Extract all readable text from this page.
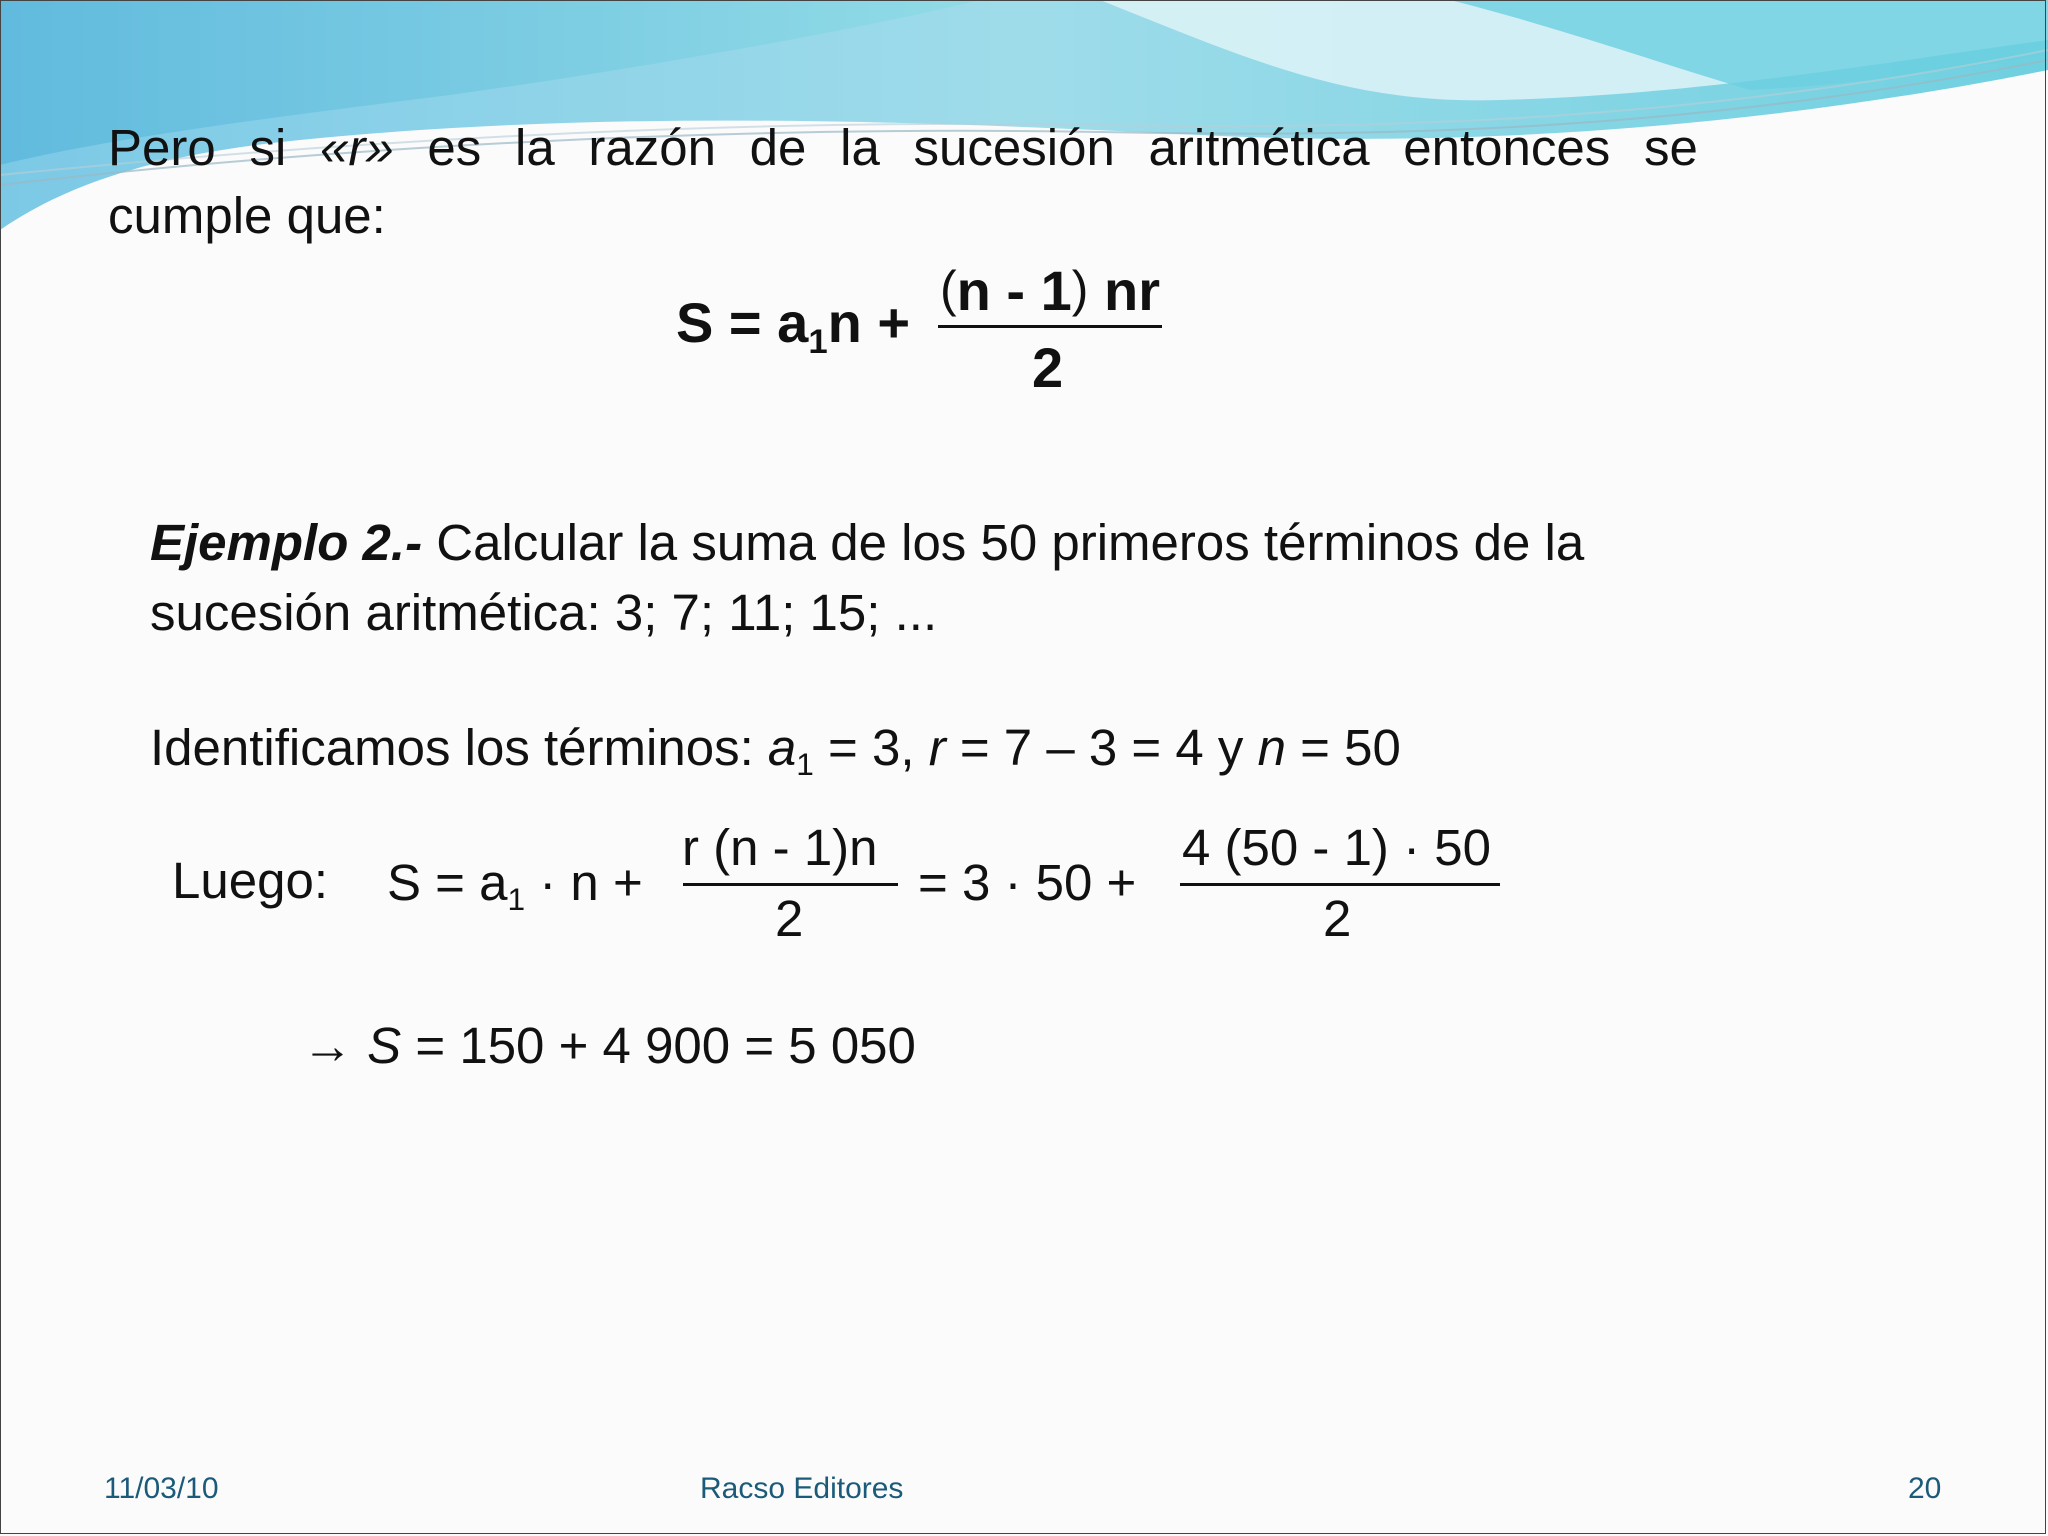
Pero si «r» es la razón de la sucesión aritmética entonces se
cumple que:
S = a1n +
(n - 1) nr
2
Ejemplo 2.- Calcular la suma de los 50 primeros términos de la
sucesión aritmética: 3; 7; 11; 15; ...
Identificamos los términos: a1 = 3, r = 7 – 3 = 4 y n = 50
Luego: S = a1 · n +
r (n - 1)n
2
= 3 · 50 +
4 (50 - 1) · 50
2
→ S = 150 + 4 900 = 5 050
11/03/10	Racso Editores	20
